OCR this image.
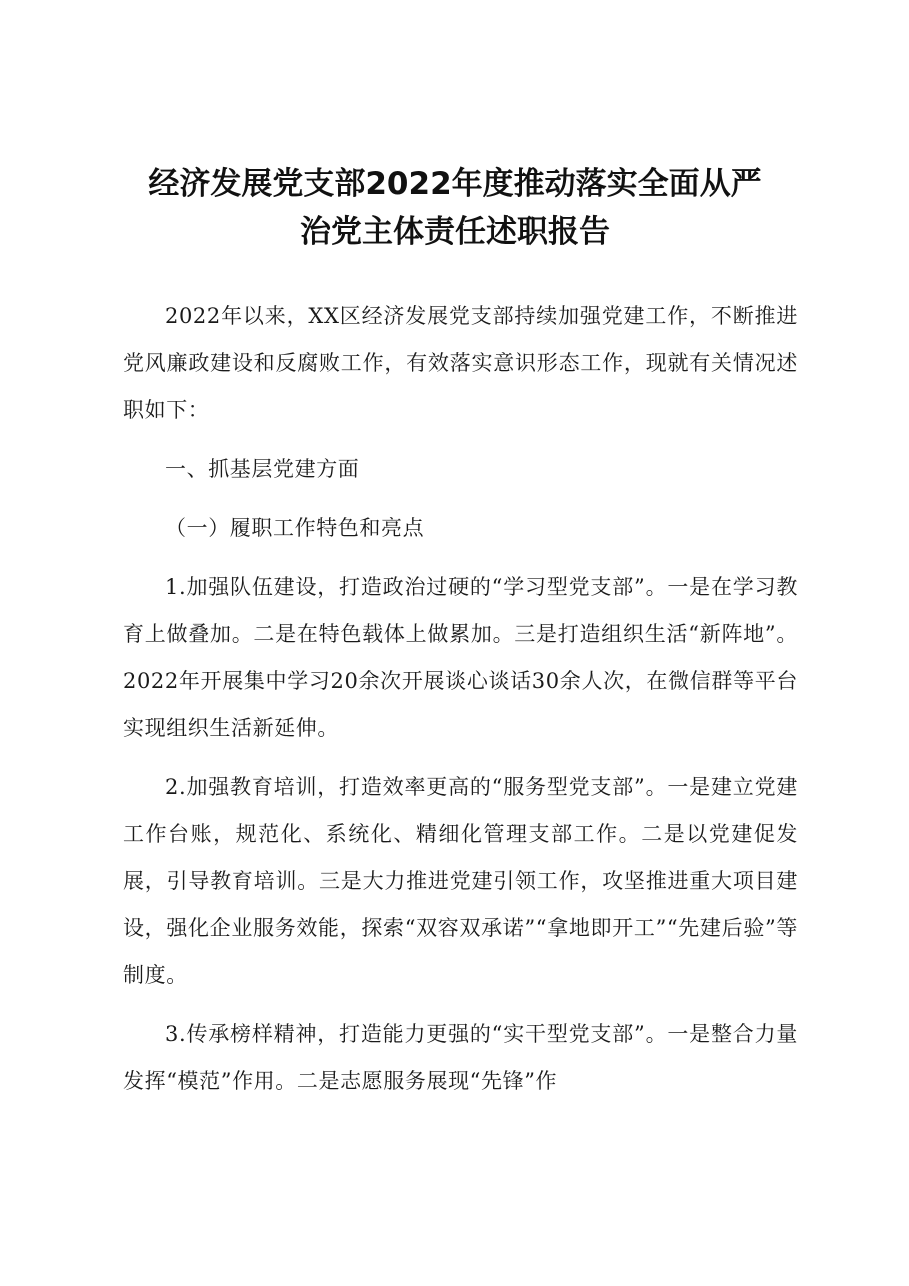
经济发展党支部2022年度推动落实全面从严
治党主体责任述职报告

2022年以来，XX区经济发展党支部持续加强党建工作，不断推进党风廉政建设和反腐败工作，有效落实意识形态工作，现就有关情况述职如下：

一、抓基层党建方面

（一）履职工作特色和亮点

1.加强队伍建设，打造政治过硬的“学习型党支部”。一是在学习教育上做叠加。二是在特色载体上做累加。三是打造组织生活“新阵地”。2022年开展集中学习20余次开展谈心谈话30余人次，在微信群等平台实现组织生活新延伸。

2.加强教育培训，打造效率更高的“服务型党支部”。一是建立党建工作台账，规范化、系统化、精细化管理支部工作。二是以党建促发展，引导教育培训。三是大力推进党建引领工作，攻坚推进重大项目建设，强化企业服务效能，探索“双容双承诺”“拿地即开工”“先建后验”等制度。

3.传承榜样精神，打造能力更强的“实干型党支部”。一是整合力量发挥“模范”作用。二是志愿服务展现“先锋”作
